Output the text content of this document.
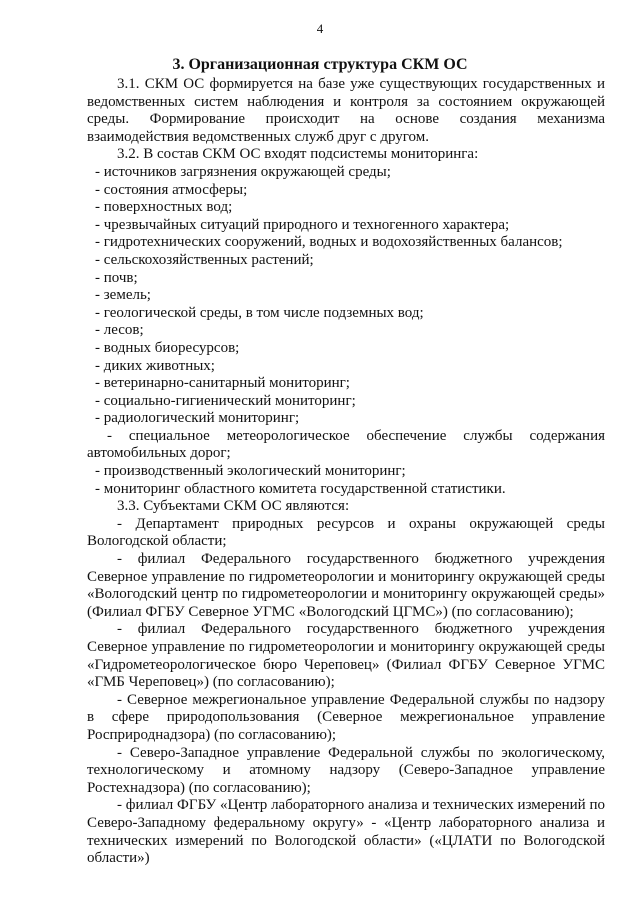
4
3. Организационная структура СКМ ОС

3.1. СКМ ОС формируется на базе уже существующих государственных и ведомственных систем наблюдения и контроля за состоянием окружающей среды. Формирование происходит на основе создания механизма взаимодействия ведомственных служб друг с другом.

3.2. В состав СКМ ОС входят подсистемы мониторинга:

- источников загрязнения окружающей среды;

- состояния атмосферы;

- поверхностных вод;

- чрезвычайных ситуаций природного и техногенного характера;

- гидротехнических сооружений, водных и водохозяйственных балансов;

- сельскохозяйственных растений;

- почв;

- земель;

- геологической среды, в том числе подземных вод;

- лесов;

- водных биоресурсов;

- диких животных;

- ветеринарно-санитарный мониторинг;

- социально-гигиенический мониторинг;

- радиологический мониторинг;

- специальное метеорологическое обеспечение службы содержания автомобильных дорог;

- производственный экологический мониторинг;

- мониторинг областного комитета государственной статистики.

3.3. Субъектами СКМ ОС являются:

- Департамент природных ресурсов и охраны окружающей среды Вологодской области;

- филиал Федерального государственного бюджетного учреждения Северное управление по гидрометеорологии и мониторингу окружающей среды «Вологодский центр по гидрометеорологии и мониторингу окружающей среды» (Филиал ФГБУ Северное УГМС «Вологодский ЦГМС») (по согласованию);

- филиал Федерального государственного бюджетного учреждения Северное управление по гидрометеорологии и мониторингу окружающей среды «Гидрометеорологическое бюро Череповец» (Филиал ФГБУ Северное УГМС «ГМБ Череповец») (по согласованию);

- Северное межрегиональное управление Федеральной службы по надзору в сфере природопользования (Северное межрегиональное управление Росприроднадзора) (по согласованию);

- Северо-Западное управление Федеральной службы по экологическому, технологическому и атомному надзору (Северо-Западное управление Ростехнадзора) (по согласованию);

- филиал ФГБУ «Центр лабораторного анализа и технических измерений по Северо-Западному федеральному округу» - «Центр лабораторного анализа и технических измерений по Вологодской области» («ЦЛАТИ по Вологодской области»)
